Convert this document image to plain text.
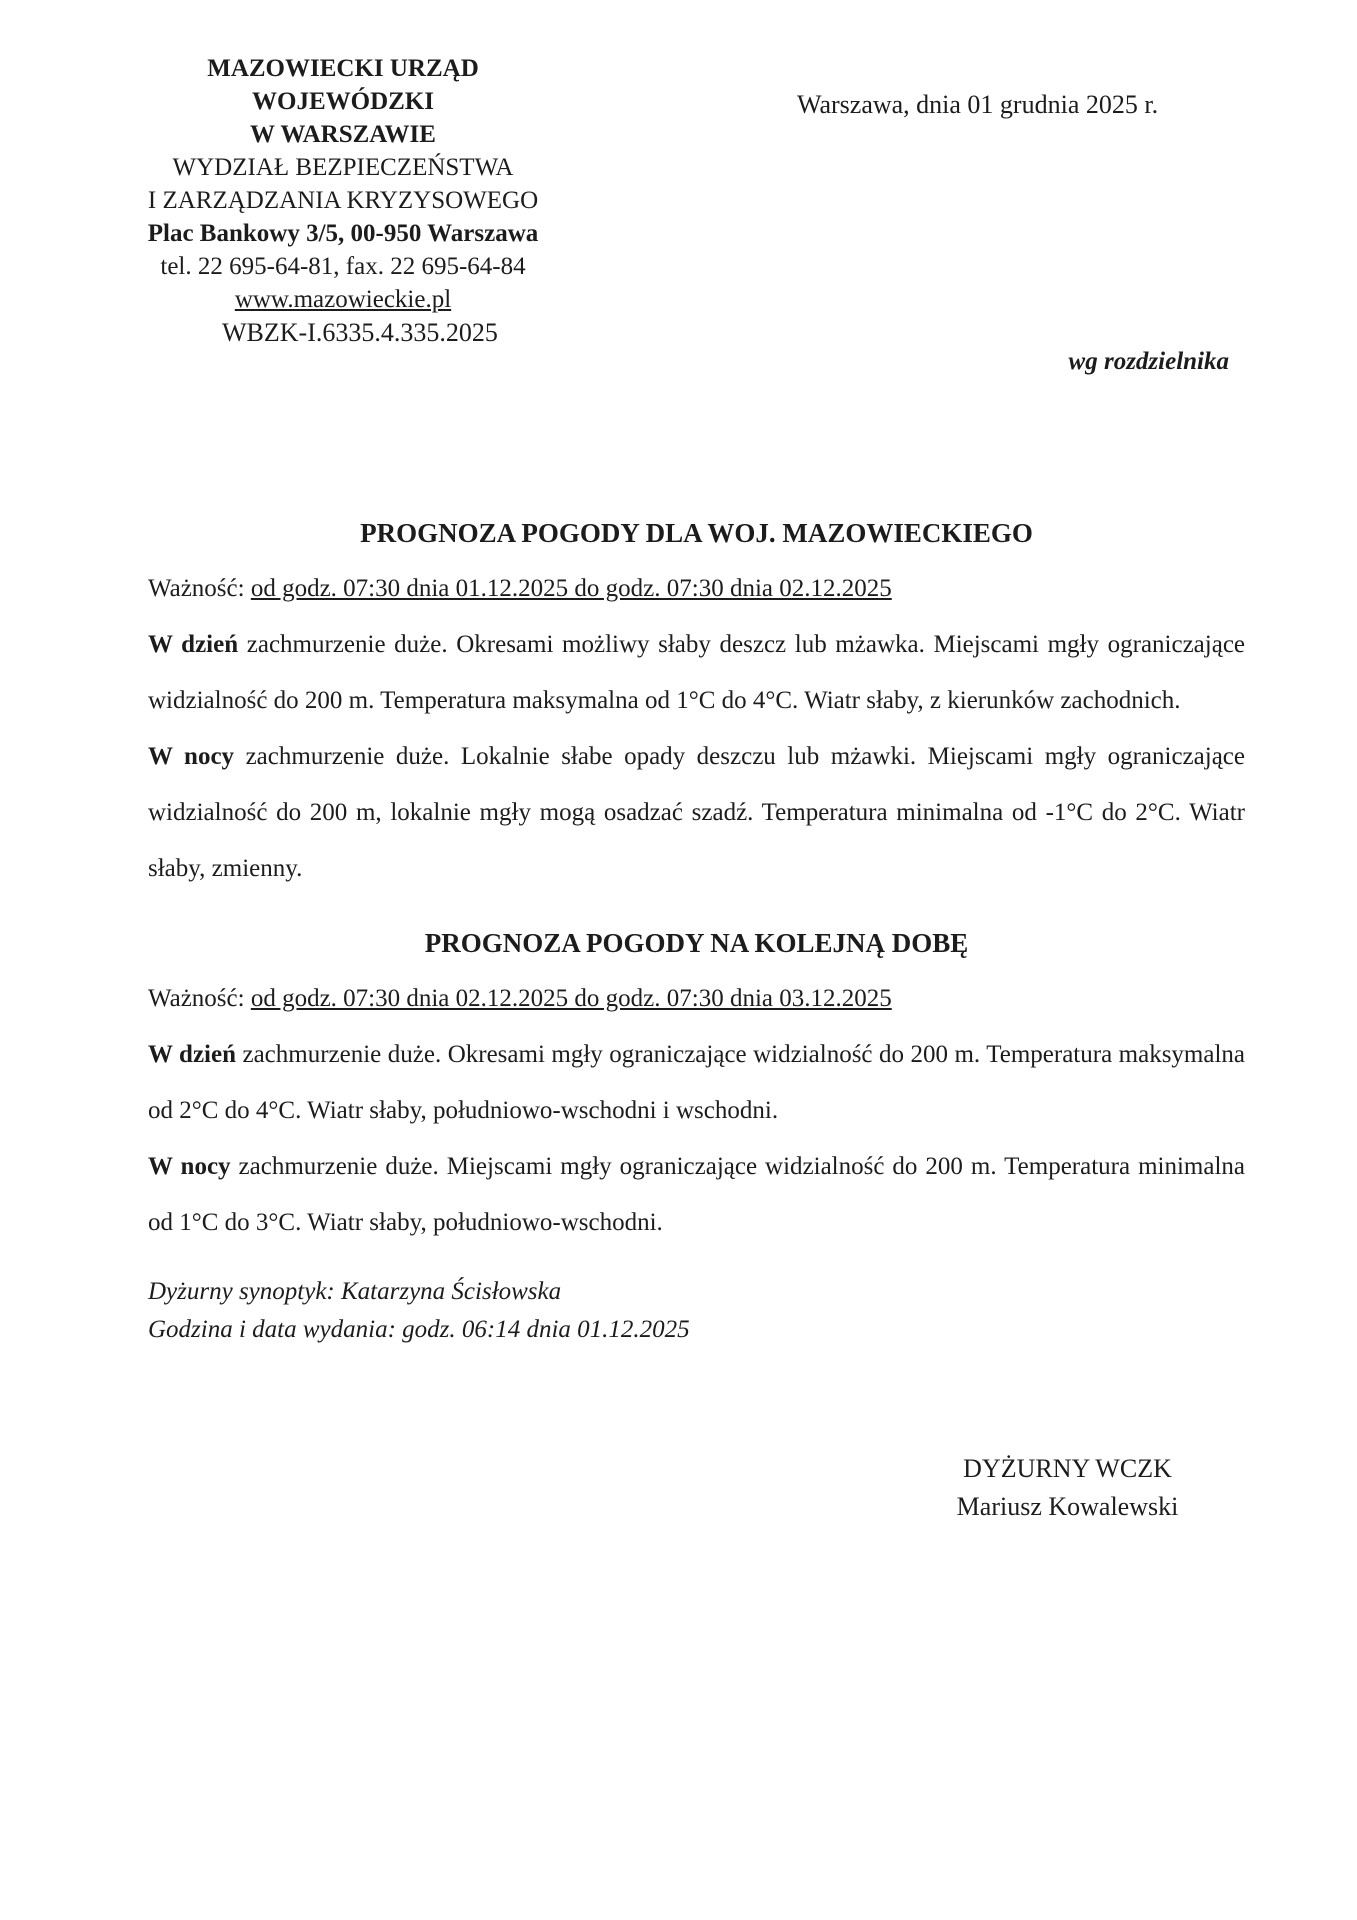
MAZOWIECKI URZĄD WOJEWÓDZKI
W WARSZAWIE
WYDZIAŁ BEZPIECZEŃSTWA
I ZARZĄDZANIA KRYZYSOWEGO
Plac Bankowy 3/5, 00-950 Warszawa
tel. 22 695-64-81, fax. 22 695-64-84
www.mazowieckie.pl
Warszawa, dnia 01 grudnia 2025 r.
WBZK-I.6335.4.335.2025
wg rozdzielnika

PROGNOZA POGODY DLA WOJ. MAZOWIECKIEGO

Ważność: od godz. 07:30 dnia 01.12.2025 do godz. 07:30 dnia 02.12.2025

W dzień zachmurzenie duże. Okresami możliwy słaby deszcz lub mżawka. Miejscami mgły ograniczające widzialność do 200 m. Temperatura maksymalna od 1°C do 4°C. Wiatr słaby, z kierunków zachodnich.

W nocy zachmurzenie duże. Lokalnie słabe opady deszczu lub mżawki. Miejscami mgły ograniczające widzialność do 200 m, lokalnie mgły mogą osadzać szadź. Temperatura minimalna od -1°C do 2°C. Wiatr słaby, zmienny.

PROGNOZA POGODY NA KOLEJNĄ DOBĘ

Ważność: od godz. 07:30 dnia 02.12.2025 do godz. 07:30 dnia 03.12.2025

W dzień zachmurzenie duże. Okresami mgły ograniczające widzialność do 200 m. Temperatura maksymalna od 2°C do 4°C. Wiatr słaby, południowo-wschodni i wschodni.

W nocy zachmurzenie duże. Miejscami mgły ograniczające widzialność do 200 m. Temperatura minimalna od 1°C do 3°C. Wiatr słaby, południowo-wschodni.

Dyżurny synoptyk: Katarzyna Ścisłowska

Godzina i data wydania: godz. 06:14 dnia 01.12.2025

DYŻURNY WCZK
Mariusz Kowalewski
